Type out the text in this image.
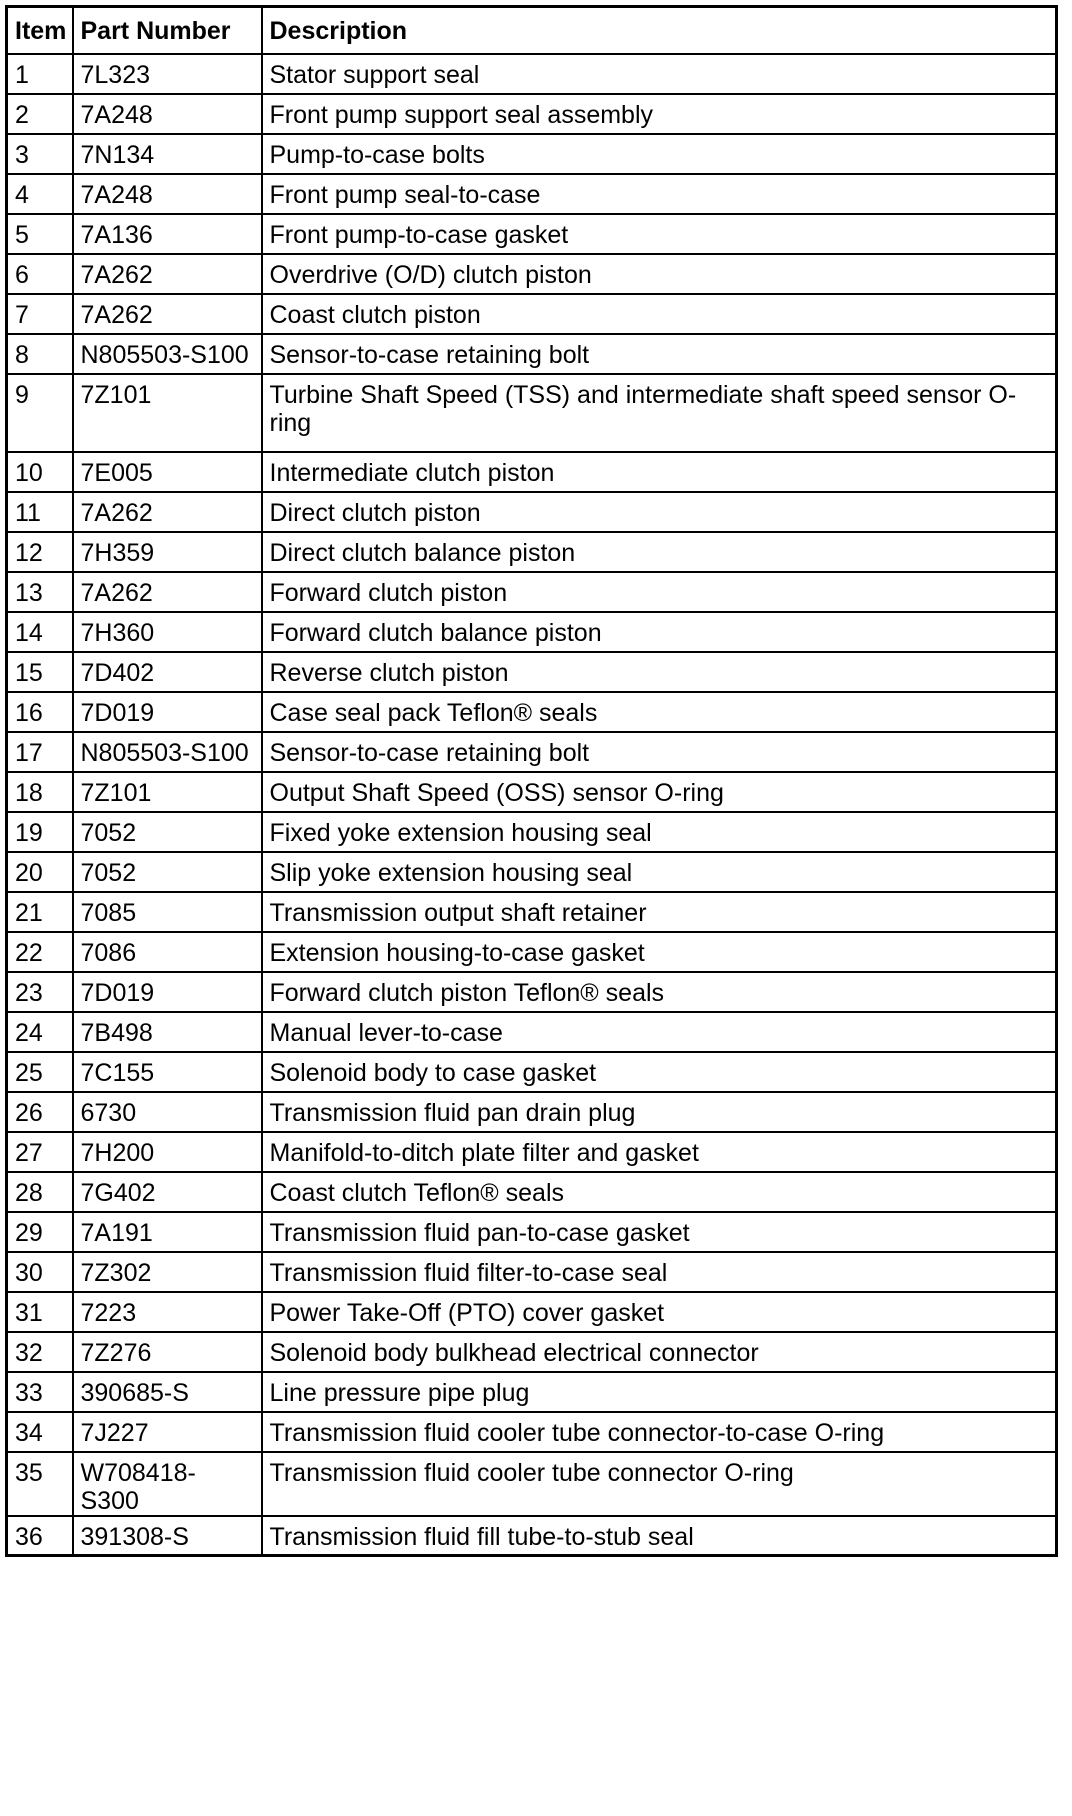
Item	Part Number	Description
1	7L323	Stator support seal
2	7A248	Front pump support seal assembly
3	7N134	Pump-to-case bolts
4	7A248	Front pump seal-to-case
5	7A136	Front pump-to-case gasket
6	7A262	Overdrive (O/D) clutch piston
7	7A262	Coast clutch piston
8	N805503-S100	Sensor-to-case retaining bolt
9	7Z101	Turbine Shaft Speed (TSS) and intermediate shaft speed sensor O-ring
10	7E005	Intermediate clutch piston
11	7A262	Direct clutch piston
12	7H359	Direct clutch balance piston
13	7A262	Forward clutch piston
14	7H360	Forward clutch balance piston
15	7D402	Reverse clutch piston
16	7D019	Case seal pack Teflon® seals
17	N805503-S100	Sensor-to-case retaining bolt
18	7Z101	Output Shaft Speed (OSS) sensor O-ring
19	7052	Fixed yoke extension housing seal
20	7052	Slip yoke extension housing seal
21	7085	Transmission output shaft retainer
22	7086	Extension housing-to-case gasket
23	7D019	Forward clutch piston Teflon® seals
24	7B498	Manual lever-to-case
25	7C155	Solenoid body to case gasket
26	6730	Transmission fluid pan drain plug
27	7H200	Manifold-to-ditch plate filter and gasket
28	7G402	Coast clutch Teflon® seals
29	7A191	Transmission fluid pan-to-case gasket
30	7Z302	Transmission fluid filter-to-case seal
31	7223	Power Take-Off (PTO) cover gasket
32	7Z276	Solenoid body bulkhead electrical connector
33	390685-S	Line pressure pipe plug
34	7J227	Transmission fluid cooler tube connector-to-case O-ring
35	W708418-S300	Transmission fluid cooler tube connector O-ring
36	391308-S	Transmission fluid fill tube-to-stub seal
